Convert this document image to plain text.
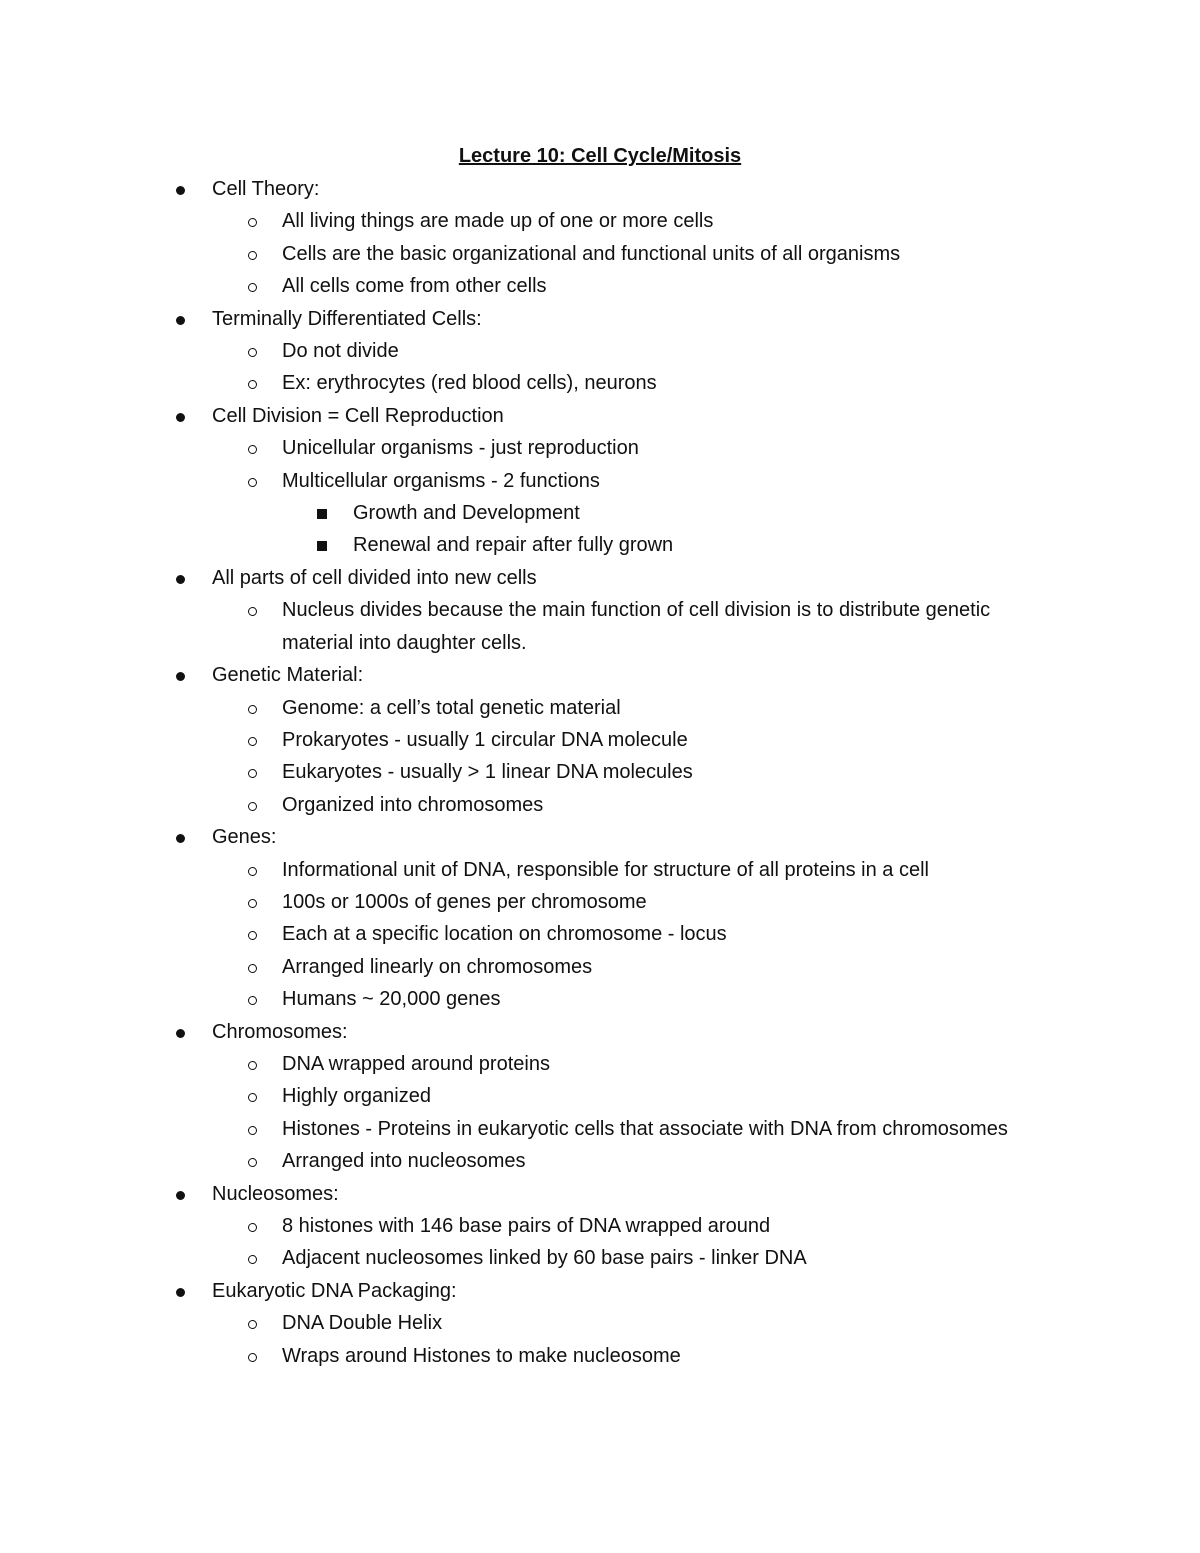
Lecture 10: Cell Cycle/Mitosis
Cell Theory:
All living things are made up of one or more cells
Cells are the basic organizational and functional units of all organisms
All cells come from other cells
Terminally Differentiated Cells:
Do not divide
Ex: erythrocytes (red blood cells), neurons
Cell Division = Cell Reproduction
Unicellular organisms - just reproduction
Multicellular organisms - 2 functions
Growth and Development
Renewal and repair after fully grown
All parts of cell divided into new cells
Nucleus divides because the main function of cell division is to distribute genetic material into daughter cells.
Genetic Material:
Genome: a cell’s total genetic material
Prokaryotes - usually 1 circular DNA molecule
Eukaryotes - usually > 1 linear DNA molecules
Organized into chromosomes
Genes:
Informational unit of DNA, responsible for structure of all proteins in a cell
100s or 1000s of genes per chromosome
Each at a specific location on chromosome - locus
Arranged linearly on chromosomes
Humans ~ 20,000 genes
Chromosomes:
DNA wrapped around proteins
Highly organized
Histones - Proteins in eukaryotic cells that associate with DNA from chromosomes
Arranged into nucleosomes
Nucleosomes:
8 histones with 146 base pairs of DNA wrapped around
Adjacent nucleosomes linked by 60 base pairs - linker DNA
Eukaryotic DNA Packaging:
DNA Double Helix
Wraps around Histones to make nucleosome
